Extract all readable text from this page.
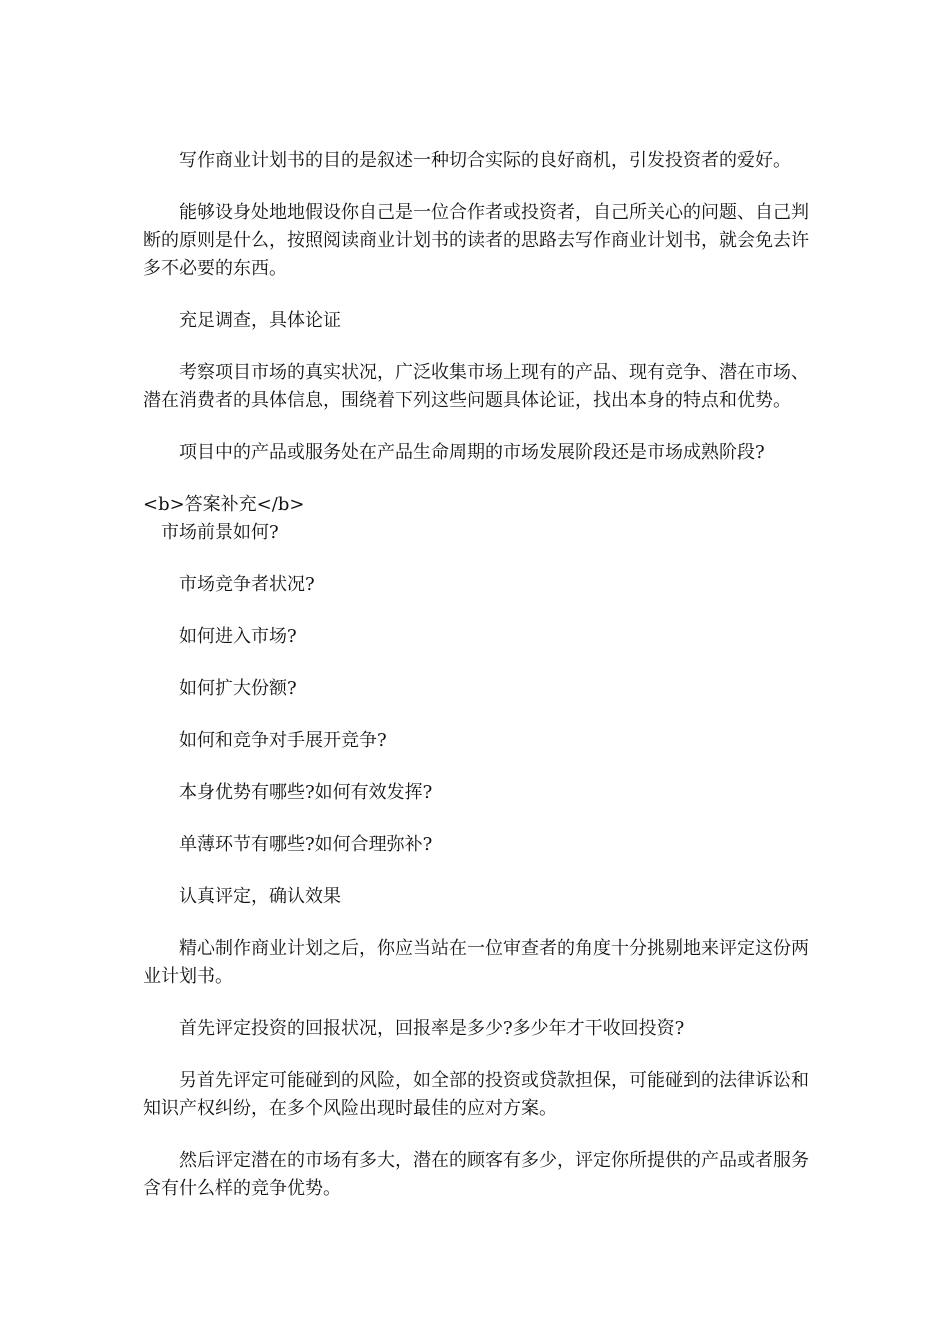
写作商业计划书的目的是叙述一种切合实际的良好商机，引发投资者的爱好。

能够设身处地地假设你自己是一位合作者或投资者，自己所关心的问题、自己判断的原则是什么，按照阅读商业计划书的读者的思路去写作商业计划书，就会免去许多不必要的东西。

充足调查，具体论证

考察项目市场的真实状况，广泛收集市场上现有的产品、现有竞争、潜在市场、潜在消费者的具体信息，围绕着下列这些问题具体论证，找出本身的特点和优势。

项目中的产品或服务处在产品生命周期的市场发展阶段还是市场成熟阶段?

<b>答案补充</b>

市场前景如何?

市场竞争者状况?

如何进入市场?

如何扩大份额?

如何和竞争对手展开竞争?

本身优势有哪些?如何有效发挥?

单薄环节有哪些?如何合理弥补?

认真评定，确认效果

精心制作商业计划之后，你应当站在一位审查者的角度十分挑剔地来评定这份两业计划书。

首先评定投资的回报状况，回报率是多少?多少年才干收回投资?

另首先评定可能碰到的风险，如全部的投资或贷款担保，可能碰到的法律诉讼和知识产权纠纷，在多个风险出现时最佳的应对方案。

然后评定潜在的市场有多大，潜在的顾客有多少，评定你所提供的产品或者服务含有什么样的竞争优势。
